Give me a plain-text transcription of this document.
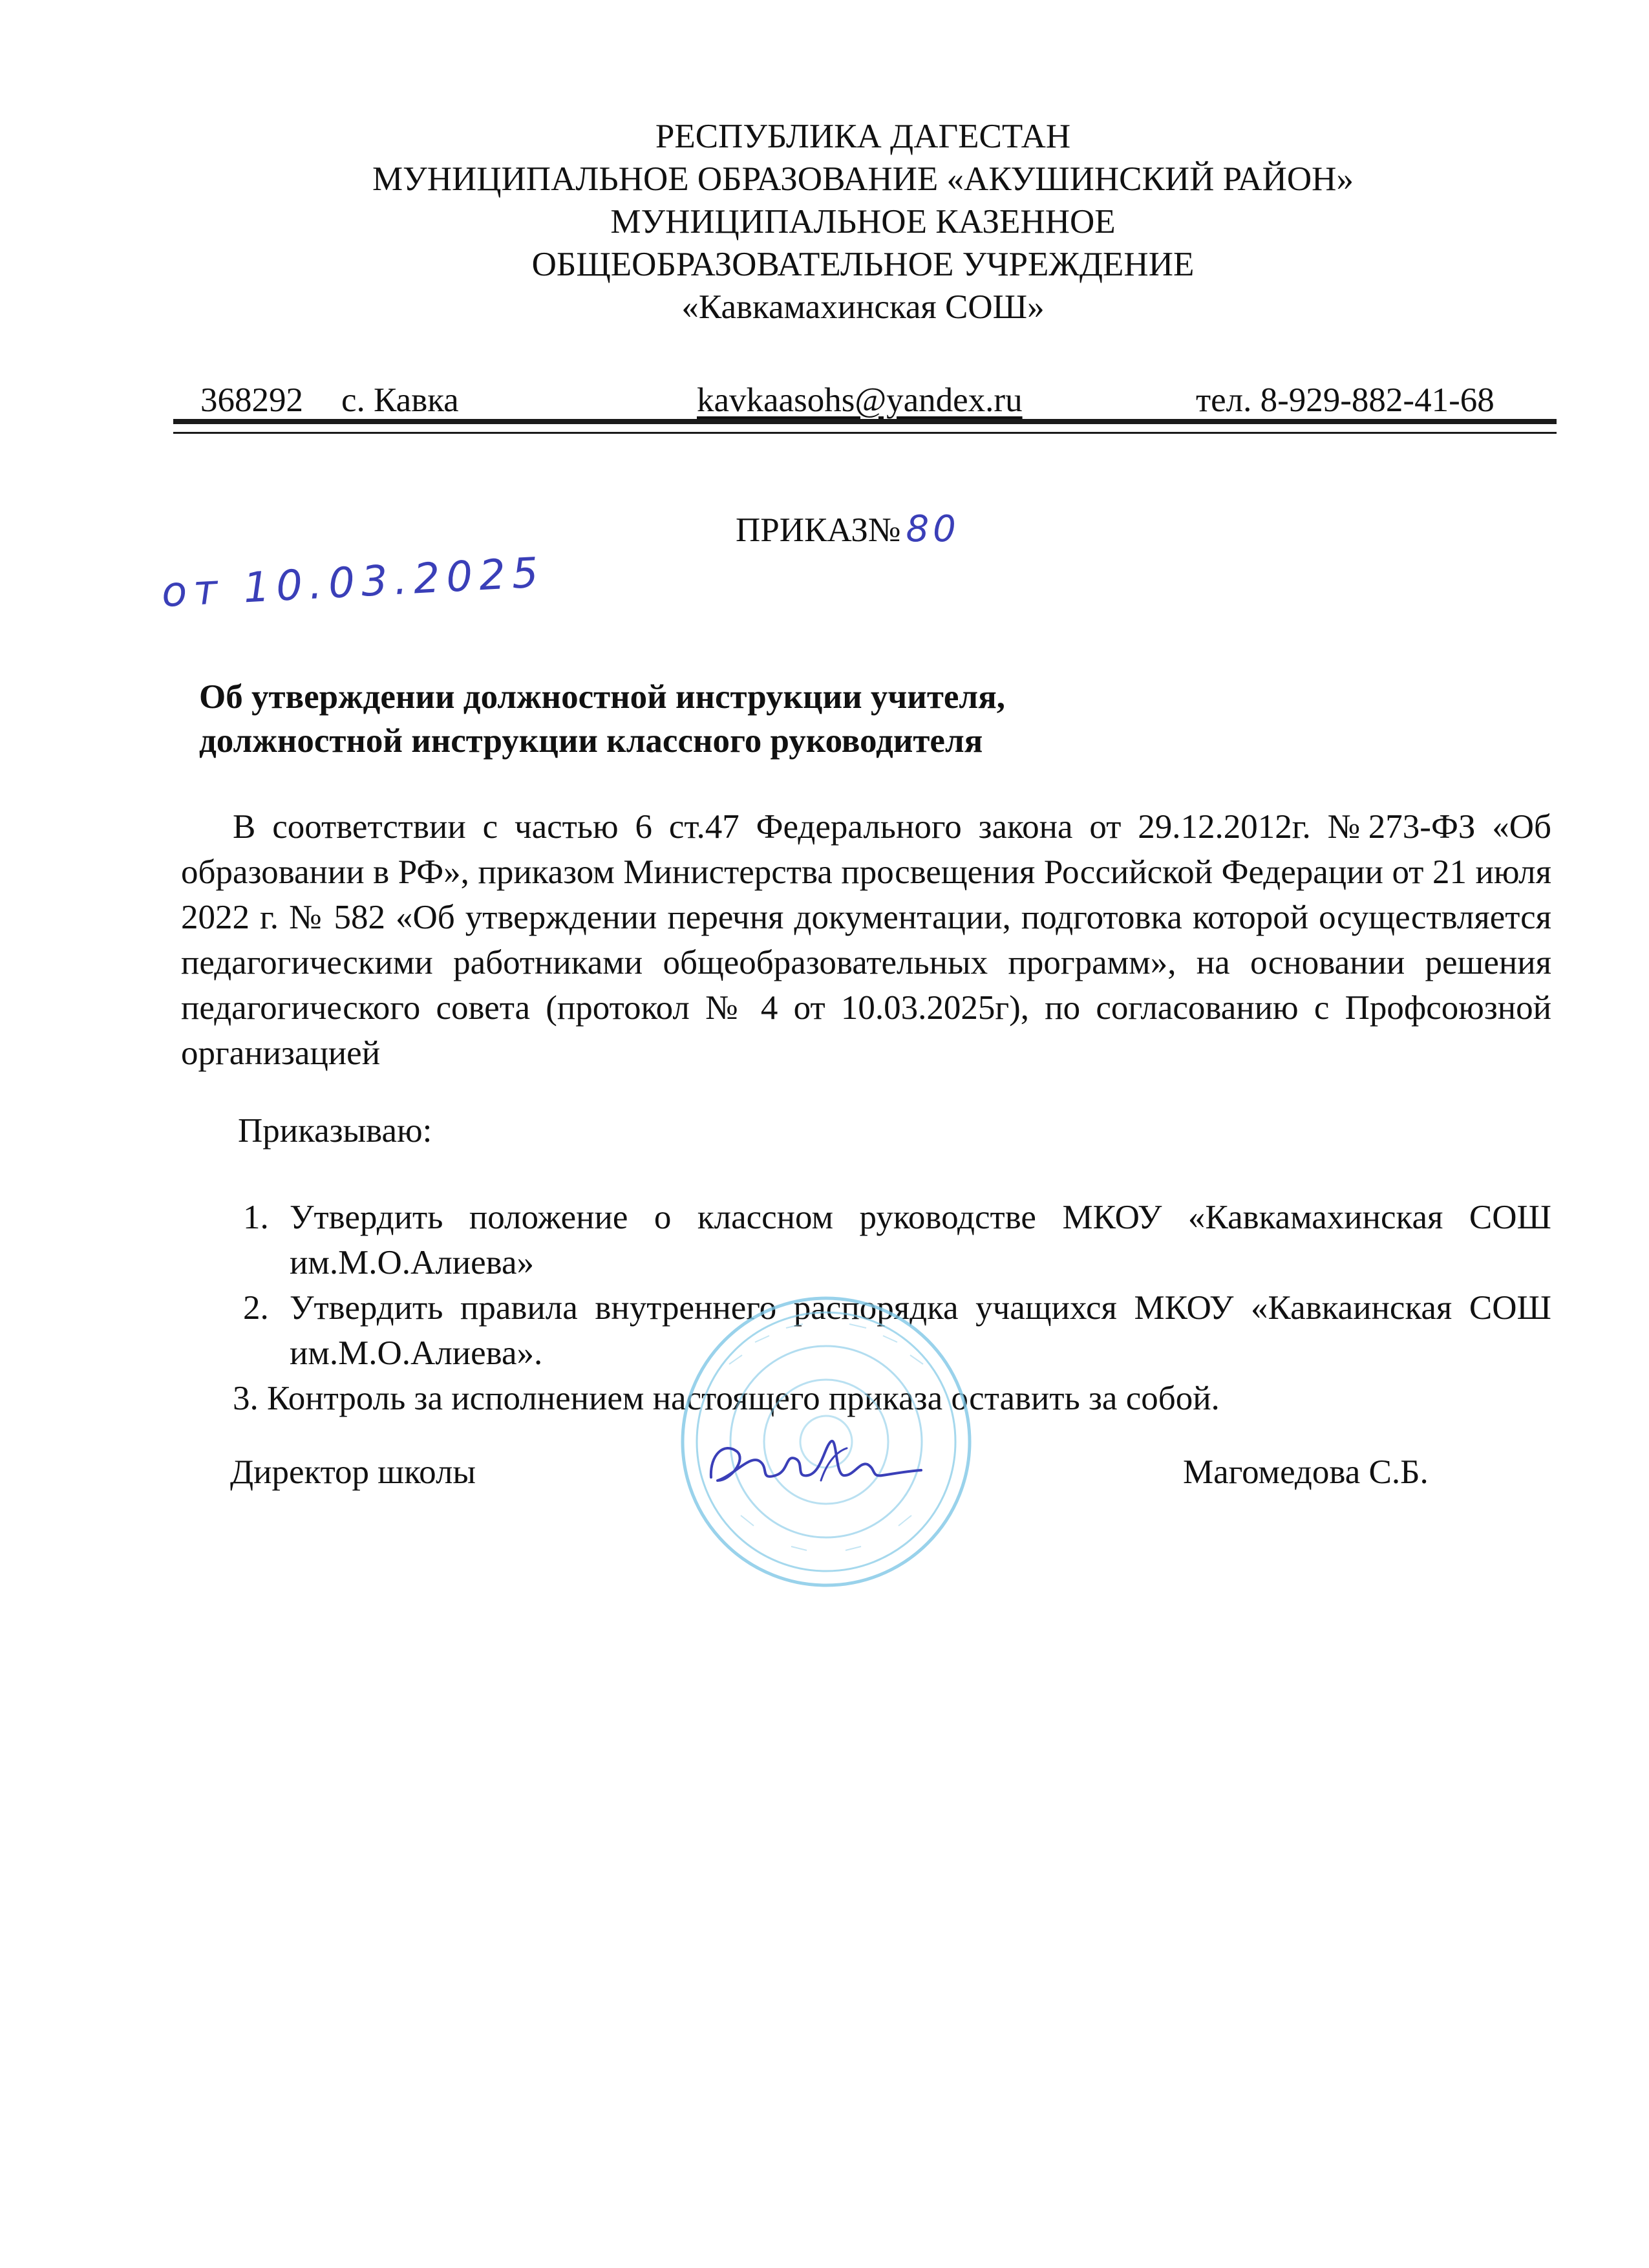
РЕСПУБЛИКА ДАГЕСТАН
МУНИЦИПАЛЬНОЕ ОБРАЗОВАНИЕ «АКУШИНСКИЙ РАЙОН»
МУНИЦИПАЛЬНОЕ КАЗЕННОЕ
ОБЩЕОБРАЗОВАТЕЛЬНОЕ УЧРЕЖДЕНИЕ
«Кавкамахинская СОШ»
368292 с. Кавка	kavkaasohs@yandex.ru	тел. 8-929-882-41-68
ПРИКАЗ№ 80
от 10.03.2025
Об утверждении должностной инструкции учителя,
должностной инструкции классного руководителя
В соответствии с частью 6 ст.47 Федерального закона от 29.12.2012г. №273-ФЗ «Об образовании в РФ», приказом Министерства просвещения Российской Федерации от 21 июля 2022 г. № 582 «Об утверждении перечня документации, подготовка которой осуществляется педагогическими работниками общеобразовательных программ», на основании решения педагогического совета (протокол № 4 от 10.03.2025г), по согласованию с Профсоюзной организацией
Приказываю:
1. Утвердить положение о классном руководстве МКОУ «Кавкамахинская СОШ им.М.О.Алиева»
2. Утвердить правила внутреннего распорядка учащихся МКОУ «Кавкаинская СОШ им.М.О.Алиева».
3. Контроль за исполнением настоящего приказа оставить за собой.
Директор школы	Магомедова С.Б.
